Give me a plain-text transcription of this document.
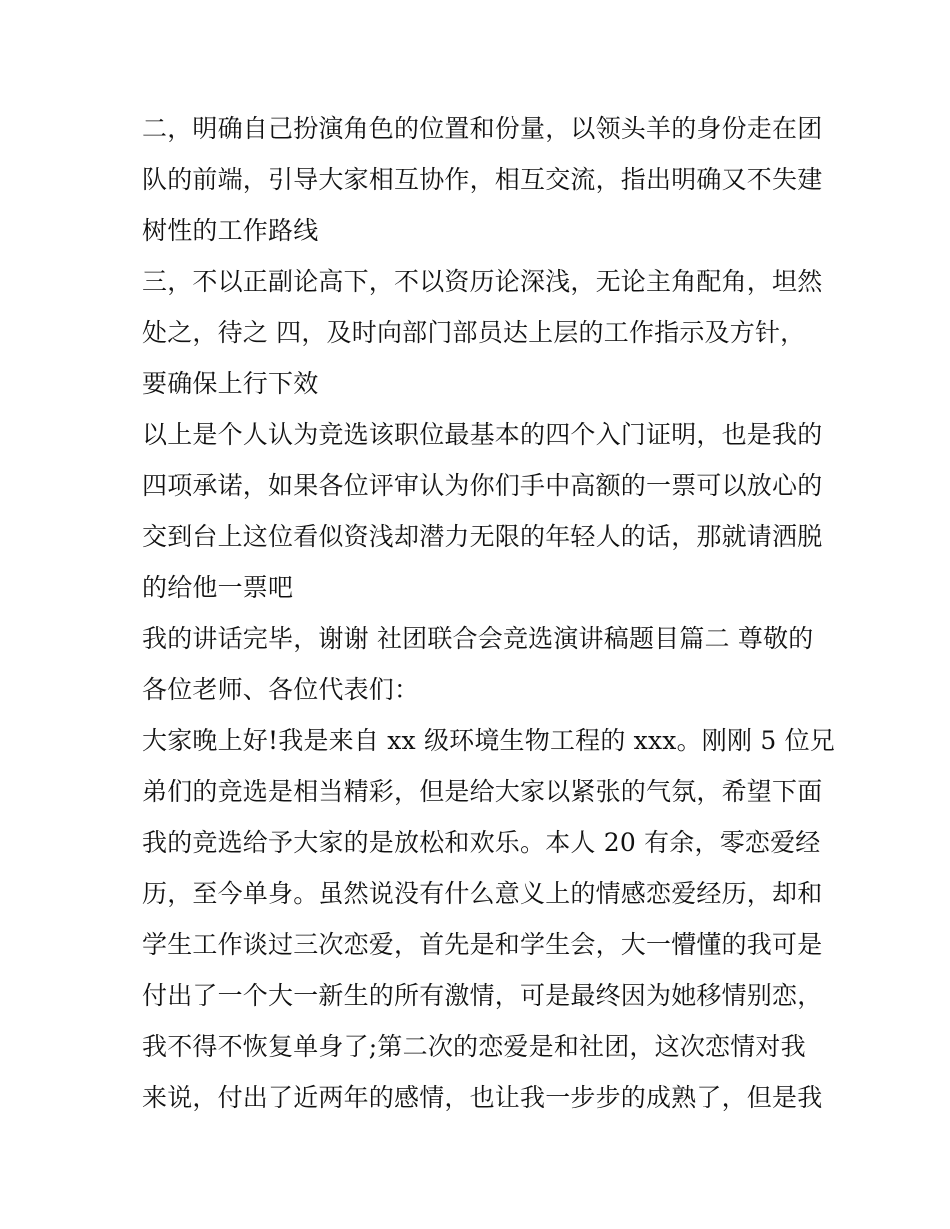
二，明确自己扮演角色的位置和份量，以领头羊的身份走在团
队的前端，引导大家相互协作，相互交流，指出明确又不失建
树性的工作路线
三，不以正副论高下，不以资历论深浅，无论主角配角，坦然
处之，待之 四，及时向部门部员达上层的工作指示及方针，
要确保上行下效
以上是个人认为竞选该职位最基本的四个入门证明，也是我的
四项承诺，如果各位评审认为你们手中高额的一票可以放心的
交到台上这位看似资浅却潜力无限的年轻人的话，那就请洒脱
的给他一票吧
我的讲话完毕，谢谢 社团联合会竞选演讲稿题目篇二 尊敬的
各位老师、各位代表们：
大家晚上好!我是来自 xx 级环境生物工程的 xxx。刚刚 5 位兄
弟们的竞选是相当精彩，但是给大家以紧张的气氛，希望下面
我的竞选给予大家的是放松和欢乐。本人 20 有余，零恋爱经
历，至今单身。虽然说没有什么意义上的情感恋爱经历，却和
学生工作谈过三次恋爱，首先是和学生会，大一懵懂的我可是
付出了一个大一新生的所有激情，可是最终因为她移情别恋，
我不得不恢复单身了;第二次的恋爱是和社团，这次恋情对我
来说，付出了近两年的感情，也让我一步步的成熟了，但是我
